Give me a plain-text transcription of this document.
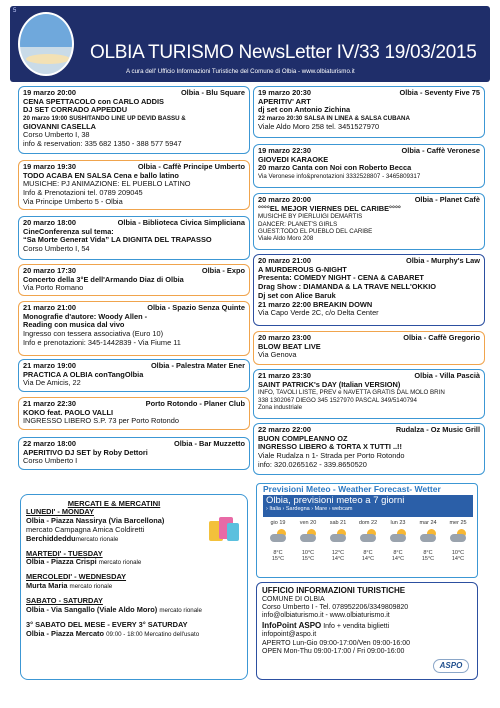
5
OLBIA TURISMO NewsLetter IV/33 19/03/2015
A cura dell' Ufficio Informazioni Turistiche del Comune di Olbia - www.olbiaturismo.it
19 marzo 20:00	Olbia - Blu Square
CENA SPETTACOLO con CARLO ADDIS
DJ SET CORRADO APPEDDU
20 marzo 19:00 SUSHITANDO LINE UP DEVID BASSU &
GIOVANNI CASELLA
Corso Umberto I, 38
info & reservation: 335 682 1350 - 388 577 5947
19 marzo 19:30	Olbia - Caffè Principe Umberto
TODO ACABA EN SALSA Cena e ballo latino
MUSICHE: PJ ANIMAZIONE: EL PUEBLO LATINO
Info & Prenotazioni tel. 0789 209045
Via Principe Umberto 5 - Olbia
20 marzo 18:00	Olbia - Biblioteca Civica Simpliciana
CineConferenza sul tema:
“Sa Morte Generat Vida” LA DIGNITA DEL TRAPASSO
Corso Umberto I, 54
20 marzo 17:30	Olbia - Expo
Concerto della 3°E dell'Armando Diaz di Olbia
Via Porto Romano
21 marzo 21:00	Olbia - Spazio Senza Quinte
Monografie d'autore: Woody Allen -
Reading con musica dal vivo
Ingresso con tessera associativa (Euro 10)
Info e prenotazioni: 345-1442839 - Via Fiume 11
21 marzo 19:00	Olbia - Palestra Mater Ener
PRACTICA A OLBIA conTangOlbia
Via De Amicis, 22
21 marzo 22:30	Porto Rotondo - Planer Club
KOKO feat. PAOLO VALLI
INGRESSO LIBERO S.P. 73 per Porto Rotondo
22 marzo 18:00	Olbia - Bar Muzzetto
APERITIVO DJ SET by Roby Dettori
Corso Umberto I
19 marzo 20:30	Olbia - Seventy Five 75
APERITIV' ART
dj set con Antonio Zichina
22 marzo 20:30 SALSA IN LINEA & SALSA CUBANA
Viale Aldo Moro 258 tel. 3451527970
19 marzo 22:30	Olbia - Caffè Veronese
GIOVEDI KARAOKE
20 marzo Canta con Noi con Roberto Becca
Via Veronese info&prenotazioni 3332528807 - 3465809317
20 marzo 20:00	Olbia - Planet Cafè
°°°°EL MEJOR VIERNES DEL CARIBE°°°°
MUSICHE BY PIERLUIGI DEMARTIS
DANCER: PLANET'S GIRLS
GUEST:TODO EL PUEBLO DEL CARIBE
Viale Aldo Moro 208
20 marzo 21:00	Olbia - Murphy's Law
A MURDEROUS G-NIGHT
Presenta: COMEDY NIGHT - CENA & CABARET
Drag Show : DIAMANDA & LA TRAVE NELL'OKKIO
Dj set con Alice Baruk
21 marzo 22:00 BREAKIN DOWN
Via Capo Verde 2C, c/o Delta Center
20 marzo 23:00	Olbia - Caffè Gregorio
BLOW BEAT LIVE
Via Genova
21 marzo 23:30	Olbia - Villa Pascià
SAINT PATRICK's DAY (Italian VERSION)
INFO, TAVOLI LISTE, PREV e NAVETTA GRATIS DAL MOLO BRIN
338 1302067 DIEGO 345 1527970 PASCAL 349/5140794
Zona industriale
22 marzo 22:00	Rudalza - Oz Music Grill
BUON COMPLEANNO OZ
INGRESSO LIBERO & TORTA X TUTTI ..!!
Viale Rudalza n 1- Strada per Porto Rotondo
info: 320.0265162 - 339.8650520
Previsioni Meteo - Weather Forecast- Wetter
Olbia, previsioni meteo a 7 giorni
› Italia › Sardegna › Mare › webcam
gio 19
8°C
15°C
ven 20
10°C
15°C
sab 21
12°C
14°C
dom 22
8°C
14°C
lun 23
8°C
14°C
mar 24
8°C
15°C
mer 25
10°C
14°C
MERCATI E & MERCATINI
LUNEDI' - MONDAY
Olbia - Piazza Nassirya (Via Barcellona)
mercato Campagna Amica Coldiretti
Berchiddeddumercato rionale
MARTEDI' - TUESDAY
Olbia - Piazza Crispi mercato rionale
MERCOLEDI' - WEDNESDAY
Murta Maria mercato rionale
SABATO - SATURDAY
Olbia - Via Sangallo (Viale Aldo Moro) mercato rionale
3° SABATO DEL MESE - EVERY 3° SATURDAY
Olbia - Piazza Mercato 09:00 - 18:00 Mercatino dell'usato
UFFICIO INFORMAZIONI TURISTICHE
COMUNE DI OLBIA
Corso Umberto I - Tel. 078952206/3349809820
info@olbiaturismo.it - www.olbiaturismo.it
InfoPoint ASPO Info + vendita biglietti
infopoint@aspo.it
APERTO Lun-Gio 09:00-17:00/Ven 09:00-16:00
OPEN Mon-Thu 09:00-17:00 / Fri 09:00-16:00
ASPO
